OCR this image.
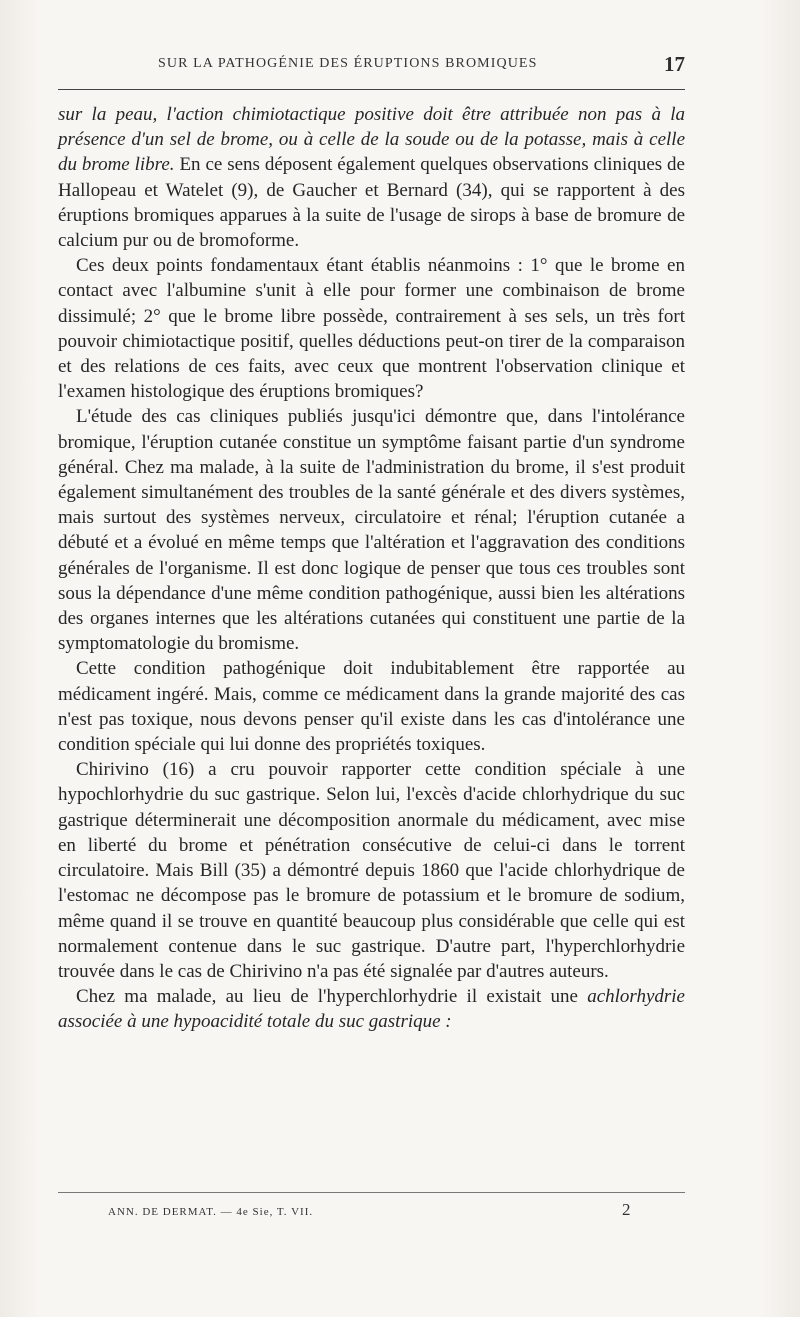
SUR LA PATHOGÉNIE DES ÉRUPTIONS BROMIQUES	17

sur la peau, l'action chimiotactique positive doit être attribuée non pas à la présence d'un sel de brome, ou à celle de la soude ou de la potasse, mais à celle du brome libre. En ce sens déposent également quelques observations cliniques de Hallopeau et Watelet (9), de Gaucher et Bernard (34), qui se rapportent à des éruptions bromiques apparues à la suite de l'usage de sirops à base de bromure de calcium pur ou de bromoforme.

Ces deux points fondamentaux étant établis néanmoins : 1° que le brome en contact avec l'albumine s'unit à elle pour former une combinaison de brome dissimulé; 2° que le brome libre possède, contrairement à ses sels, un très fort pouvoir chimiotactique positif, quelles déductions peut-on tirer de la comparaison et des relations de ces faits, avec ceux que montrent l'observation clinique et l'examen histologique des éruptions bromiques?

L'étude des cas cliniques publiés jusqu'ici démontre que, dans l'intolérance bromique, l'éruption cutanée constitue un symptôme faisant partie d'un syndrome général. Chez ma malade, à la suite de l'administration du brome, il s'est produit également simultanément des troubles de la santé générale et des divers systèmes, mais surtout des systèmes nerveux, circulatoire et rénal; l'éruption cutanée a débuté et a évolué en même temps que l'altération et l'aggravation des conditions générales de l'organisme. Il est donc logique de penser que tous ces troubles sont sous la dépendance d'une même condition pathogénique, aussi bien les altérations des organes internes que les altérations cutanées qui constituent une partie de la symptomatologie du bromisme.

Cette condition pathogénique doit indubitablement être rapportée au médicament ingéré. Mais, comme ce médicament dans la grande majorité des cas n'est pas toxique, nous devons penser qu'il existe dans les cas d'intolérance une condition spéciale qui lui donne des propriétés toxiques.

Chirivino (16) a cru pouvoir rapporter cette condition spéciale à une hypochlorhydrie du suc gastrique. Selon lui, l'excès d'acide chlorhydrique du suc gastrique déterminerait une décomposition anormale du médicament, avec mise en liberté du brome et pénétration consécutive de celui-ci dans le torrent circulatoire. Mais Bill (35) a démontré depuis 1860 que l'acide chlorhydrique de l'estomac ne décompose pas le bromure de potassium et le bromure de sodium, même quand il se trouve en quantité beaucoup plus considérable que celle qui est normalement contenue dans le suc gastrique. D'autre part, l'hyperchlorhydrie trouvée dans le cas de Chirivino n'a pas été signalée par d'autres auteurs.

Chez ma malade, au lieu de l'hyperchlorhydrie il existait une achlorhydrie associée à une hypoacidité totale du suc gastrique :

ANN. DE DERMAT. — 4e Sie, T. VII.	2
